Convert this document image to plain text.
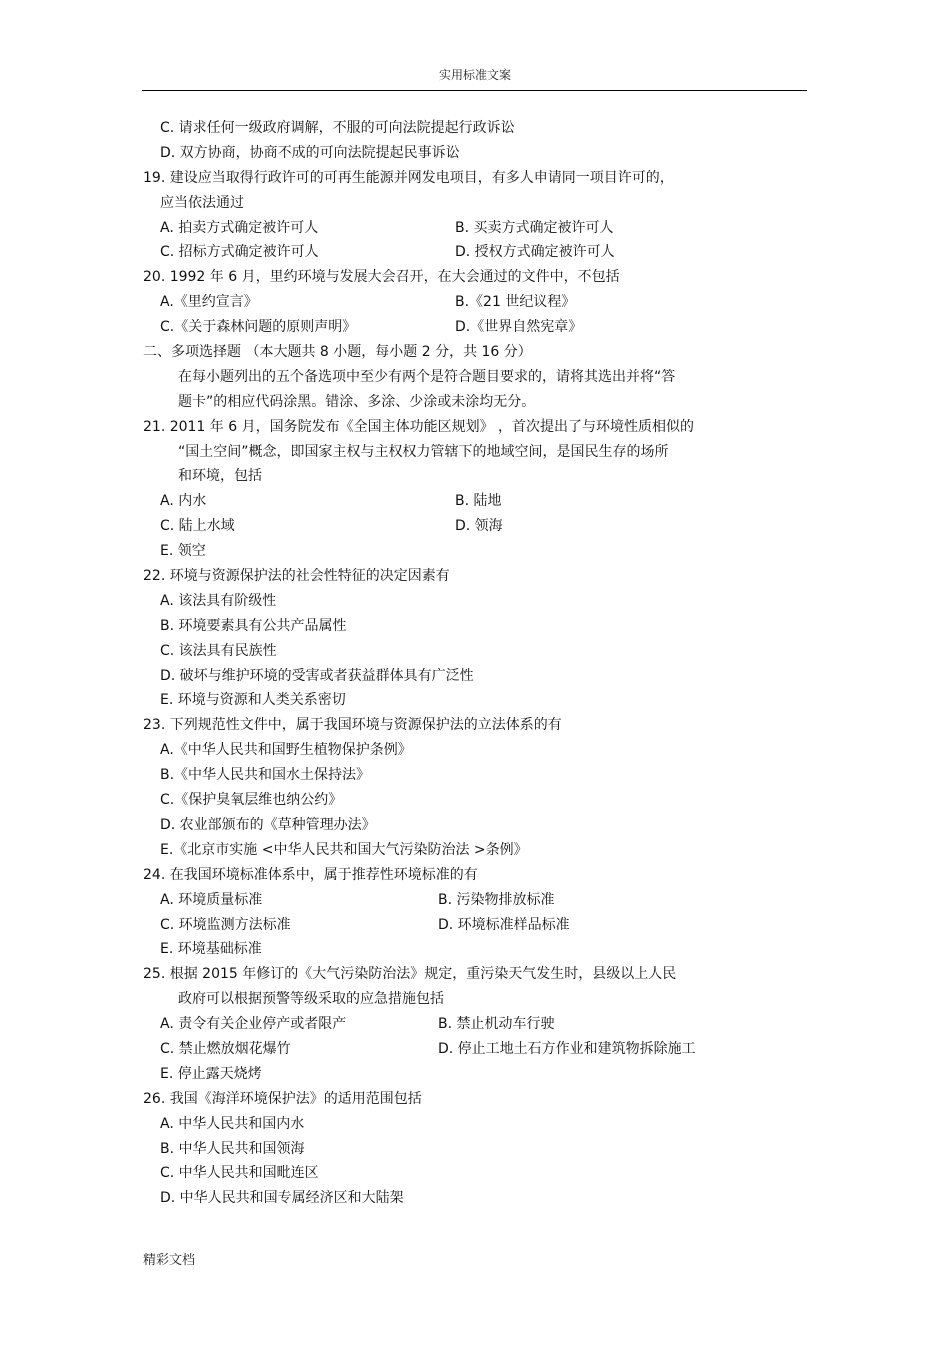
实用标准文案
C. 请求任何一级政府调解，不服的可向法院提起行政诉讼
D. 双方协商，协商不成的可向法院提起民事诉讼
19. 建设应当取得行政许可的可再生能源并网发电项目，有多人申请同一项目许可的，
应当依法通过
A. 拍卖方式确定被许可人	B. 买卖方式确定被许可人
C. 招标方式确定被许可人	D. 授权方式确定被许可人
20. 1992 年 6 月，里约环境与发展大会召开，在大会通过的文件中，不包括
A.《里约宣言》	B.《21 世纪议程》
C.《关于森林问题的原则声明》	D.《世界自然宪章》
二、多项选择题 （本大题共 8 小题，每小题 2 分，共 16 分）
在每小题列出的五个备选项中至少有两个是符合题目要求的，请将其选出并将“答
题卡”的相应代码涂黑。错涂、多涂、少涂或未涂均无分。
21. 2011 年 6 月，国务院发布《全国主体功能区规划》 ，首次提出了与环境性质相似的
“国土空间”概念，即国家主权与主权权力管辖下的地域空间，是国民生存的场所
和环境，包括
A. 内水	B. 陆地
C. 陆上水域	D. 领海
E. 领空
22. 环境与资源保护法的社会性特征的决定因素有
A. 该法具有阶级性
B. 环境要素具有公共产品属性
C. 该法具有民族性
D. 破坏与维护环境的受害或者获益群体具有广泛性
E. 环境与资源和人类关系密切
23. 下列规范性文件中，属于我国环境与资源保护法的立法体系的有
A.《中华人民共和国野生植物保护条例》
B.《中华人民共和国水土保持法》
C.《保护臭氧层维也纳公约》
D. 农业部颁布的《草种管理办法》
E.《北京市实施 <中华人民共和国大气污染防治法 >条例》
24. 在我国环境标准体系中，属于推荐性环境标准的有
A. 环境质量标准	B. 污染物排放标准
C. 环境监测方法标准	D. 环境标准样品标准
E. 环境基础标准
25. 根据 2015 年修订的《大气污染防治法》规定，重污染天气发生时，县级以上人民
政府可以根据预警等级采取的应急措施包括
A. 责令有关企业停产或者限产	B. 禁止机动车行驶
C. 禁止燃放烟花爆竹	D. 停止工地土石方作业和建筑物拆除施工
E. 停止露天烧烤
26. 我国《海洋环境保护法》的适用范围包括
A. 中华人民共和国内水
B. 中华人民共和国领海
C. 中华人民共和国毗连区
D. 中华人民共和国专属经济区和大陆架
精彩文档
